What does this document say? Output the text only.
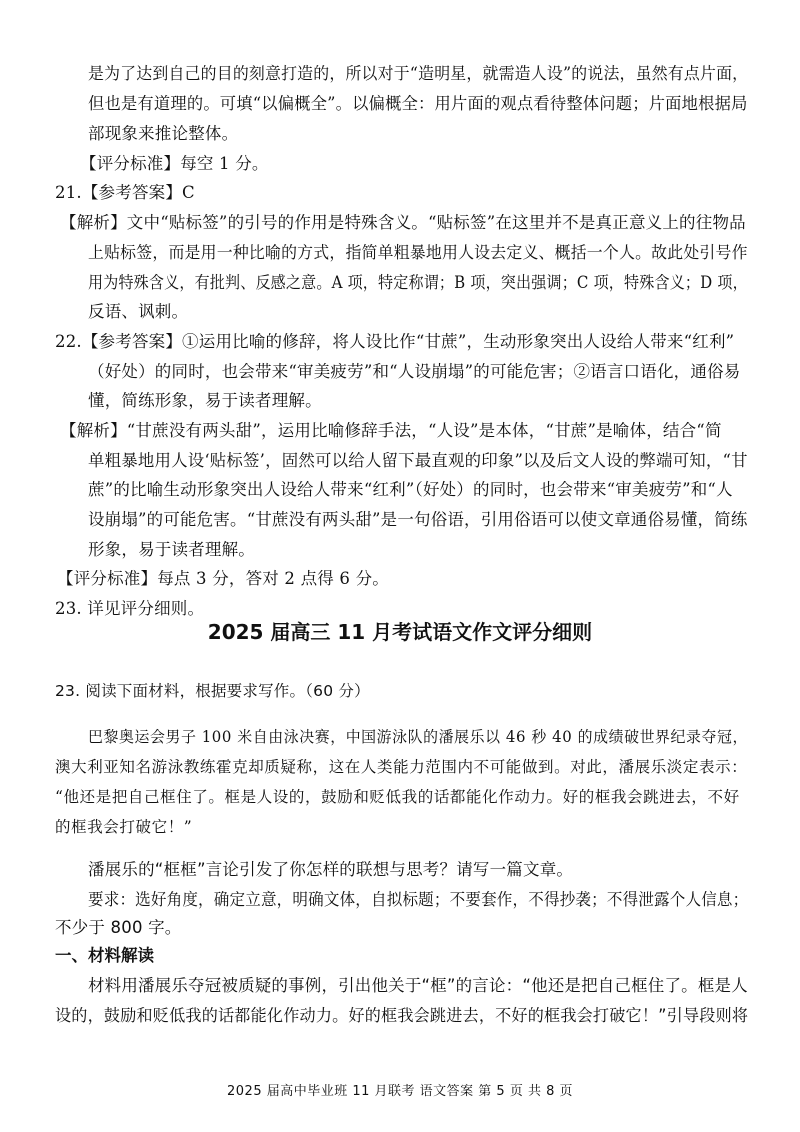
是为了达到自己的目的刻意打造的，所以对于“造明星，就需造人设”的说法，虽然有点片面，
但也是有道理的。可填“以偏概全”。以偏概全：用片面的观点看待整体问题；片面地根据局
部现象来推论整体。
【评分标准】每空 1 分。
21.【参考答案】C
【解析】文中“贴标签”的引号的作用是特殊含义。“贴标签”在这里并不是真正意义上的往物品
上贴标签，而是用一种比喻的方式，指简单粗暴地用人设去定义、概括一个人。故此处引号作
用为特殊含义，有批判、反感之意。A 项，特定称谓；B 项，突出强调；C 项，特殊含义；D 项，
反语、讽刺。
22.【参考答案】①运用比喻的修辞，将人设比作“甘蔗”，生动形象突出人设给人带来“红利”
（好处）的同时，也会带来“审美疲劳”和“人设崩塌”的可能危害；②语言口语化，通俗易
懂，简练形象，易于读者理解。
【解析】“甘蔗没有两头甜”，运用比喻修辞手法，“人设”是本体，“甘蔗”是喻体，结合“简
单粗暴地用人设‘贴标签’，固然可以给人留下最直观的印象”以及后文人设的弊端可知，“甘
蔗”的比喻生动形象突出人设给人带来“红利”（好处）的同时，也会带来“审美疲劳”和“人
设崩塌”的可能危害。“甘蔗没有两头甜”是一句俗语，引用俗语可以使文章通俗易懂，简练
形象，易于读者理解。
【评分标准】每点 3 分，答对 2 点得 6 分。
23. 详见评分细则。
2025 届高三 11 月考试语文作文评分细则
23. 阅读下面材料，根据要求写作。（60 分）
巴黎奥运会男子 100 米自由泳决赛，中国游泳队的潘展乐以 46 秒 40 的成绩破世界纪录夺冠，
澳大利亚知名游泳教练霍克却质疑称，这在人类能力范围内不可能做到。对此，潘展乐淡定表示：
“他还是把自己框住了。框是人设的，鼓励和贬低我的话都能化作动力。好的框我会跳进去，不好
的框我会打破它！”
潘展乐的“框框”言论引发了你怎样的联想与思考？请写一篇文章。
要求：选好角度，确定立意，明确文体，自拟标题；不要套作，不得抄袭；不得泄露个人信息；
不少于 800 字。
一、材料解读
材料用潘展乐夺冠被质疑的事例，引出他关于“框”的言论：“他还是把自己框住了。框是人
设的，鼓励和贬低我的话都能化作动力。好的框我会跳进去，不好的框我会打破它！”引导段则将
2025 届高中毕业班 11 月联考 语文答案 第 5 页 共 8 页
